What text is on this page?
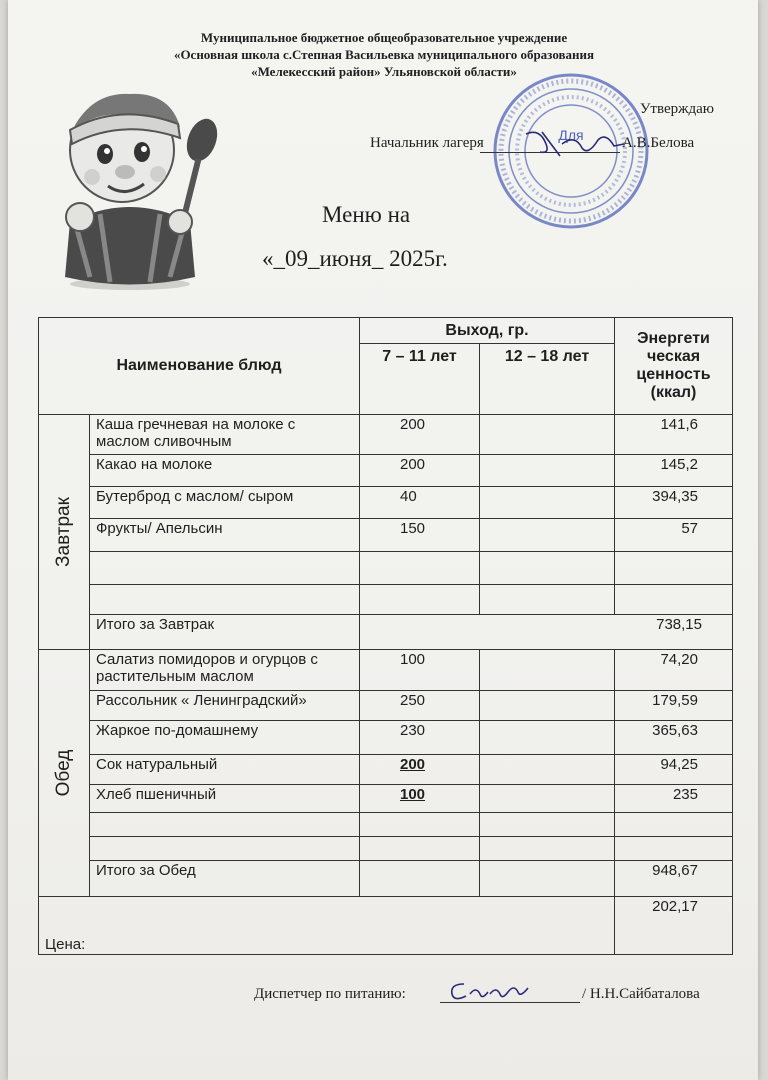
Муниципальное бюджетное общеобразовательное учреждение
«Основная школа с.Степная Васильевка муниципального образования
«Мелекесский район» Ульяновской области»
Для
Утверждаю
Начальник лагеря	А.В.Белова
Меню на
«_09_июня_ 2025г.
Наименование блюд		Выход, гр.		Энергети ческая ценность (ккал)
		7 – 11 лет	12 – 18 лет	

Завтрак	Каша гречневая на молоке с маслом сливочным	200		141,6
	Какао на молоке	200		145,2
	Бутерброд с маслом/ сыром	40		394,35
	Фрукты/ Апельсин	150		57

	Итого за Завтрак	738,15		

Обед	Салатиз помидоров и огурцов с растительным маслом	100		74,20
	Рассольник « Ленинградский»	250		179,59
	Жаркое по-домашнему	230		365,63
	Сок натуральный	200		94,25
	Хлеб пшеничный	100		235

	Итого за Обед			948,67
Цена:				202,17
Диспетчер по питанию:	/ Н.Н.Сайбаталова
